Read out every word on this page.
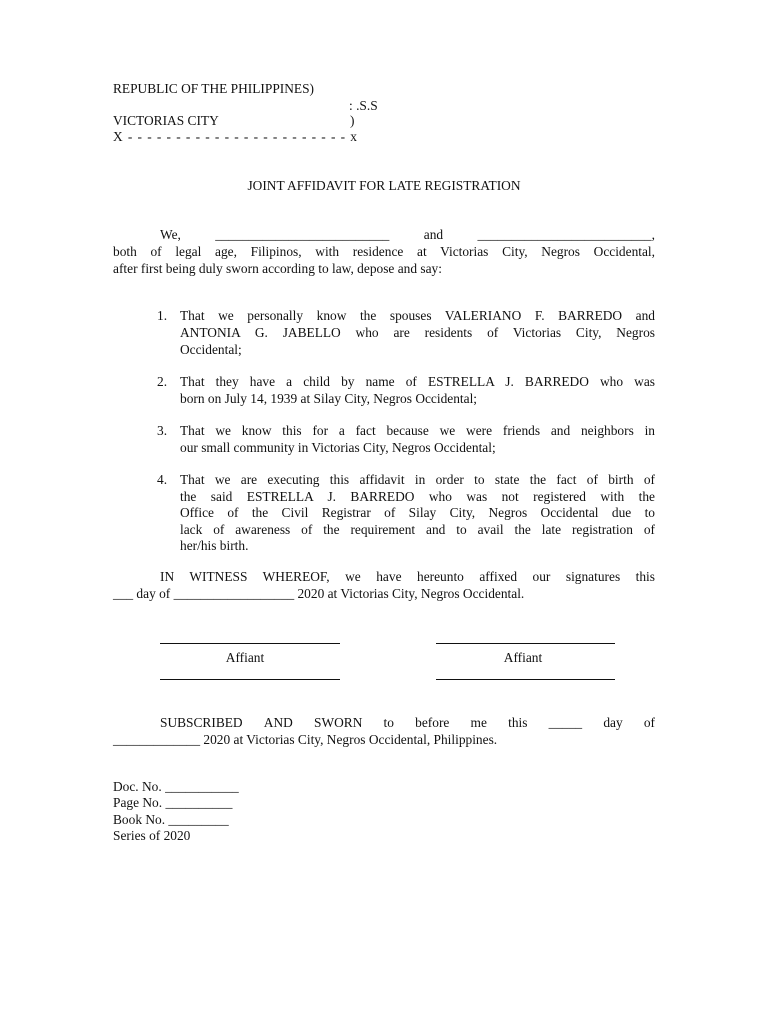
REPUBLIC OF THE PHILIPPINES)
: .S.S
VICTORIAS CITY	)
X - - - - - - - - - - - - - - - - - - - - - - - x
JOINT AFFIDAVIT FOR LATE REGISTRATION
We,	__________________________	and	__________________________,
both of legal age, Filipinos, with residence at Victorias City, Negros Occidental,
after first being duly sworn according to law, depose and say:
1. That we personally know the spouses VALERIANO F. BARREDO and
ANTONIA G. JABELLO who are residents of Victorias City, Negros
Occidental;
2. That they have a child by name of ESTRELLA J. BARREDO who was
born on July 14, 1939 at Silay City, Negros Occidental;
3. That we know this for a fact because we were friends and neighbors in
our small community in Victorias City, Negros Occidental;
4. That we are executing this affidavit in order to state the fact of birth of
the said ESTRELLA J. BARREDO who was not registered with the
Office of the Civil Registrar of Silay City, Negros Occidental due to
lack of awareness of the requirement and to avail the late registration of
her/his birth.
IN WITNESS WHEREOF, we have hereunto affixed our signatures this
___ day of __________________ 2020 at Victorias City, Negros Occidental.
Affiant	Affiant
SUBSCRIBED AND SWORN to before me this _____ day of
_____________ 2020 at Victorias City, Negros Occidental, Philippines.
Doc. No. ___________
Page No. __________
Book No. _________
Series of 2020
